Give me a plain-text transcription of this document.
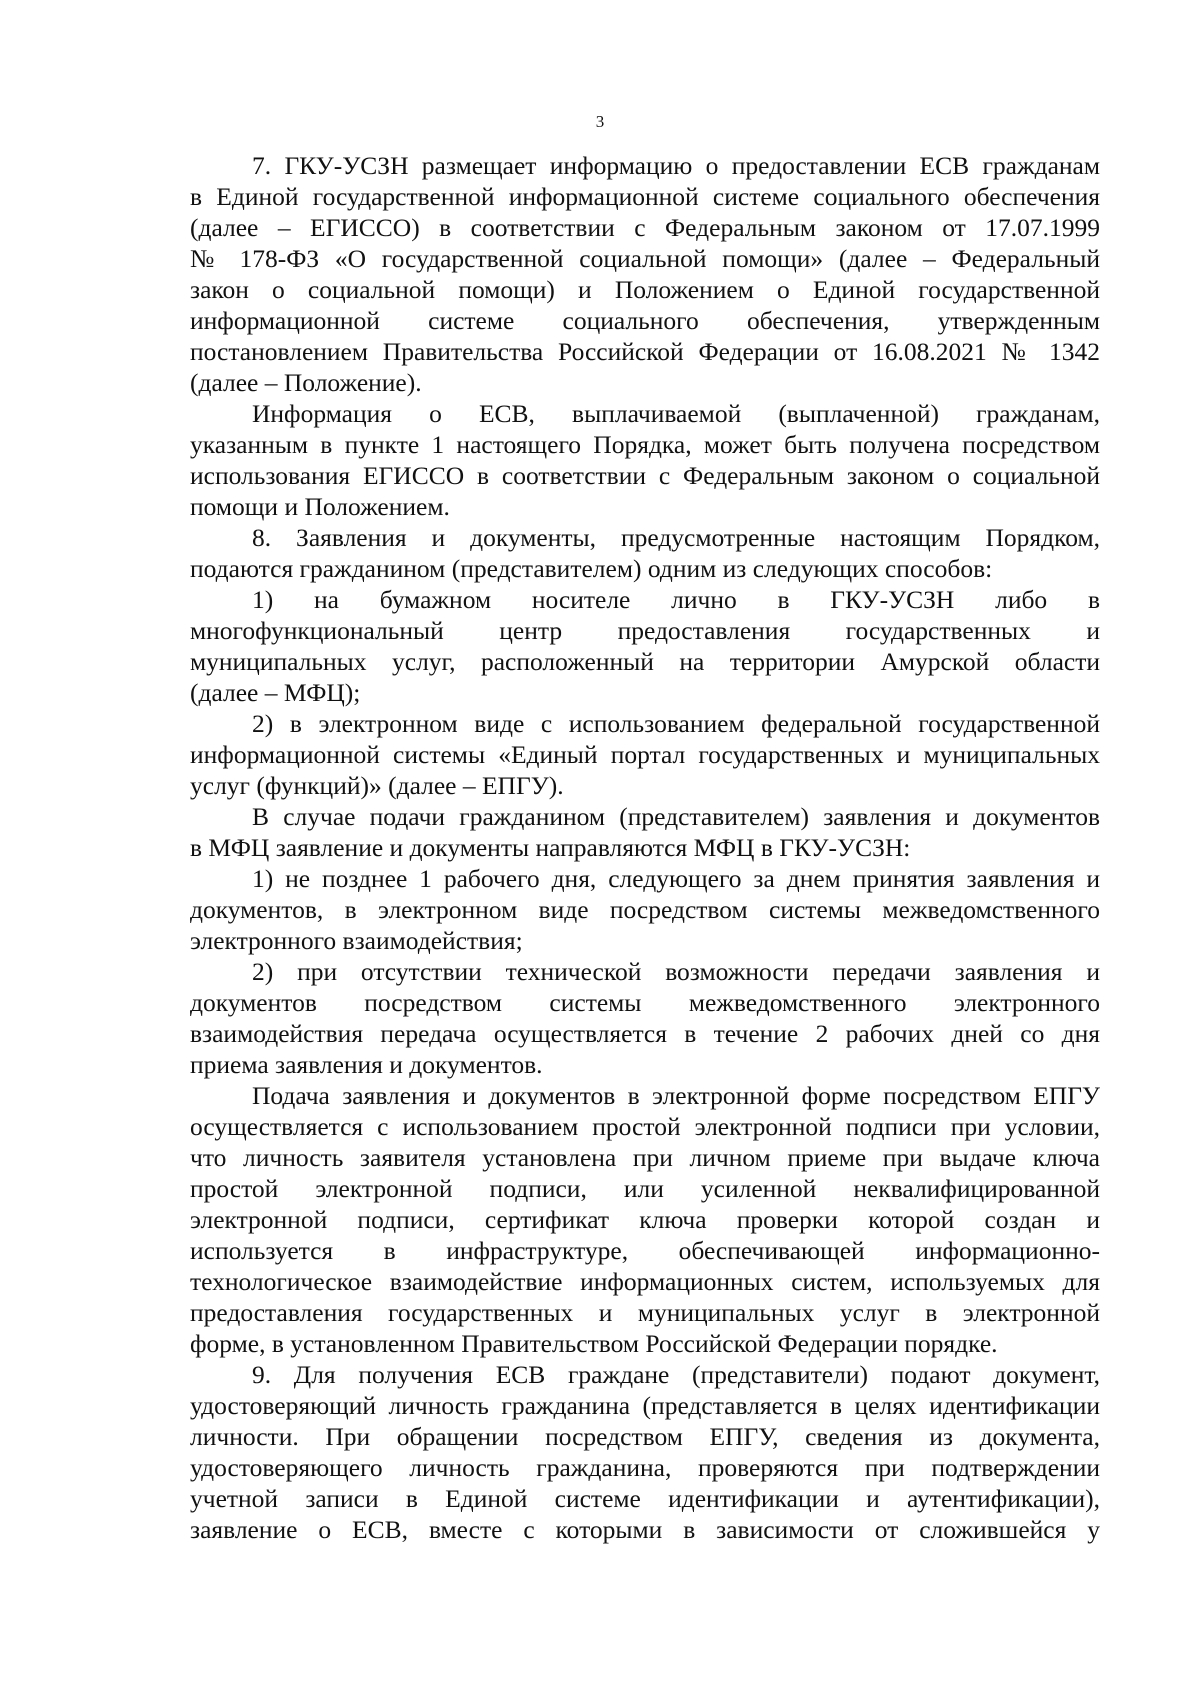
3
7. ГКУ-УСЗН размещает информацию о предоставлении ЕСВ гражданам
в Единой государственной информационной системе социального обеспечения
(далее – ЕГИССО) в соответствии с Федеральным законом от 17.07.1999
№ 178-ФЗ «О государственной социальной помощи» (далее – Федеральный
закон о социальной помощи) и Положением о Единой государственной
информационной системе социального обеспечения, утвержденным
постановлением Правительства Российской Федерации от 16.08.2021 № 1342
(далее – Положение).
Информация о ЕСВ, выплачиваемой (выплаченной) гражданам,
указанным в пункте 1 настоящего Порядка, может быть получена посредством
использования ЕГИССО в соответствии с Федеральным законом о социальной
помощи и Положением.
8. Заявления и документы, предусмотренные настоящим Порядком,
подаются гражданином (представителем) одним из следующих способов:
1) на бумажном носителе лично в ГКУ-УСЗН либо в
многофункциональный центр предоставления государственных и
муниципальных услуг, расположенный на территории Амурской области
(далее – МФЦ);
2) в электронном виде с использованием федеральной государственной
информационной системы «Единый портал государственных и муниципальных
услуг (функций)» (далее – ЕПГУ).
В случае подачи гражданином (представителем) заявления и документов
в МФЦ заявление и документы направляются МФЦ в ГКУ-УСЗН:
1) не позднее 1 рабочего дня, следующего за днем принятия заявления и
документов, в электронном виде посредством системы межведомственного
электронного взаимодействия;
2) при отсутствии технической возможности передачи заявления и
документов посредством системы межведомственного электронного
взаимодействия передача осуществляется в течение 2 рабочих дней со дня
приема заявления и документов.
Подача заявления и документов в электронной форме посредством ЕПГУ
осуществляется с использованием простой электронной подписи при условии,
что личность заявителя установлена при личном приеме при выдаче ключа
простой электронной подписи, или усиленной неквалифицированной
электронной подписи, сертификат ключа проверки которой создан и
используется в инфраструктуре, обеспечивающей информационно-
технологическое взаимодействие информационных систем, используемых для
предоставления государственных и муниципальных услуг в электронной
форме, в установленном Правительством Российской Федерации порядке.
9. Для получения ЕСВ граждане (представители) подают документ,
удостоверяющий личность гражданина (представляется в целях идентификации
личности. При обращении посредством ЕПГУ, сведения из документа,
удостоверяющего личность гражданина, проверяются при подтверждении
учетной записи в Единой системе идентификации и аутентификации),
заявление о ЕСВ, вместе с которыми в зависимости от сложившейся у
